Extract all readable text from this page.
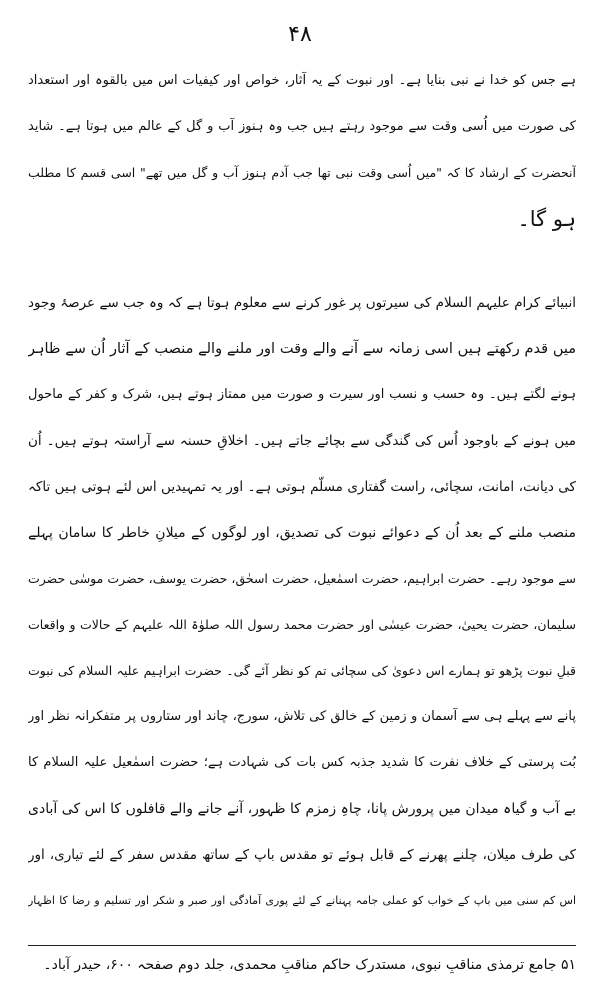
۴۸
ہے جس کو خدا نے نبی بنایا ہے۔ اور نبوت کے یہ آثار، خواص اور کیفیات اس میں بالقوہ اور استعداد
کی صورت میں اُسی وقت سے موجود رہتے ہیں جب وہ ہنوز آب و گل کے عالم میں ہوتا ہے۔ شاید
آنحضرت کے ارشاد کا کہ "میں اُسی وقت نبی تھا جب آدم ہنوز آب و گل میں تھے" اسی قسم کا مطلب
ہو گا۔
انبیائے کرام علیہم السلام کی سیرتوں پر غور کرنے سے معلوم ہوتا ہے کہ وہ جب سے عرصۂ وجود
میں قدم رکھتے ہیں اسی زمانہ سے آنے والے وقت اور ملنے والے منصب کے آثار اُن سے ظاہر
ہونے لگتے ہیں۔ وہ حسب و نسب اور سیرت و صورت میں ممتاز ہوتے ہیں، شرک و کفر کے ماحول
میں ہونے کے باوجود اُس کی گندگی سے بچائے جاتے ہیں۔ اخلاقِ حسنہ سے آراستہ ہوتے ہیں۔ اُن
کی دیانت، امانت، سچائی، راست گفتاری مسلّم ہوتی ہے۔ اور یہ تمہیدیں اس لئے ہوتی ہیں تاکہ
منصب ملنے کے بعد اُن کے دعوائے نبوت کی تصدیق، اور لوگوں کے میلانِ خاطر کا سامان پہلے
سے موجود رہے۔ حضرت ابراہیم، حضرت اسمٰعیل، حضرت اسحٰق، حضرت یوسف، حضرت موسٰی حضرت
سلیمان، حضرت یحییٰ، حضرت عیسٰی اور حضرت محمد رسول اللہ صلوٰۃ اللہ علیہم کے حالات و واقعات
قبلِ نبوت پڑھو تو ہمارے اس دعویٰ کی سچائی تم کو نظر آئے گی۔ حضرت ابراہیم علیہ السلام کی نبوت
پانے سے پہلے ہی سے آسمان و زمین کے خالق کی تلاش، سورج، چاند اور ستاروں پر متفکرانہ نظر اور
بُت پرستی کے خلاف نفرت کا شدید جذبہ کس بات کی شہادت ہے؛ حضرت اسمٰعیل علیہ السلام کا
بے آب و گیاہ میدان میں پرورش پانا، چاہِ زمزم کا ظہور، آنے جانے والے قافلوں کا اس کی آبادی
کی طرف میلان، چلنے پھرنے کے قابل ہوئے تو مقدس باپ کے ساتھ مقدس سفر کے لئے تیاری، اور
اس کم سنی میں باپ کے خواب کو عملی جامہ پہنانے کے لئے پوری آمادگی اور صبر و شکر اور تسلیم و رضا کا اظہار
۵۱ جامع ترمذی مناقبِ نبوی، مستدرک حاکم مناقبِ محمدی، جلد دوم صفحہ ۶۰۰، حیدر آباد۔
